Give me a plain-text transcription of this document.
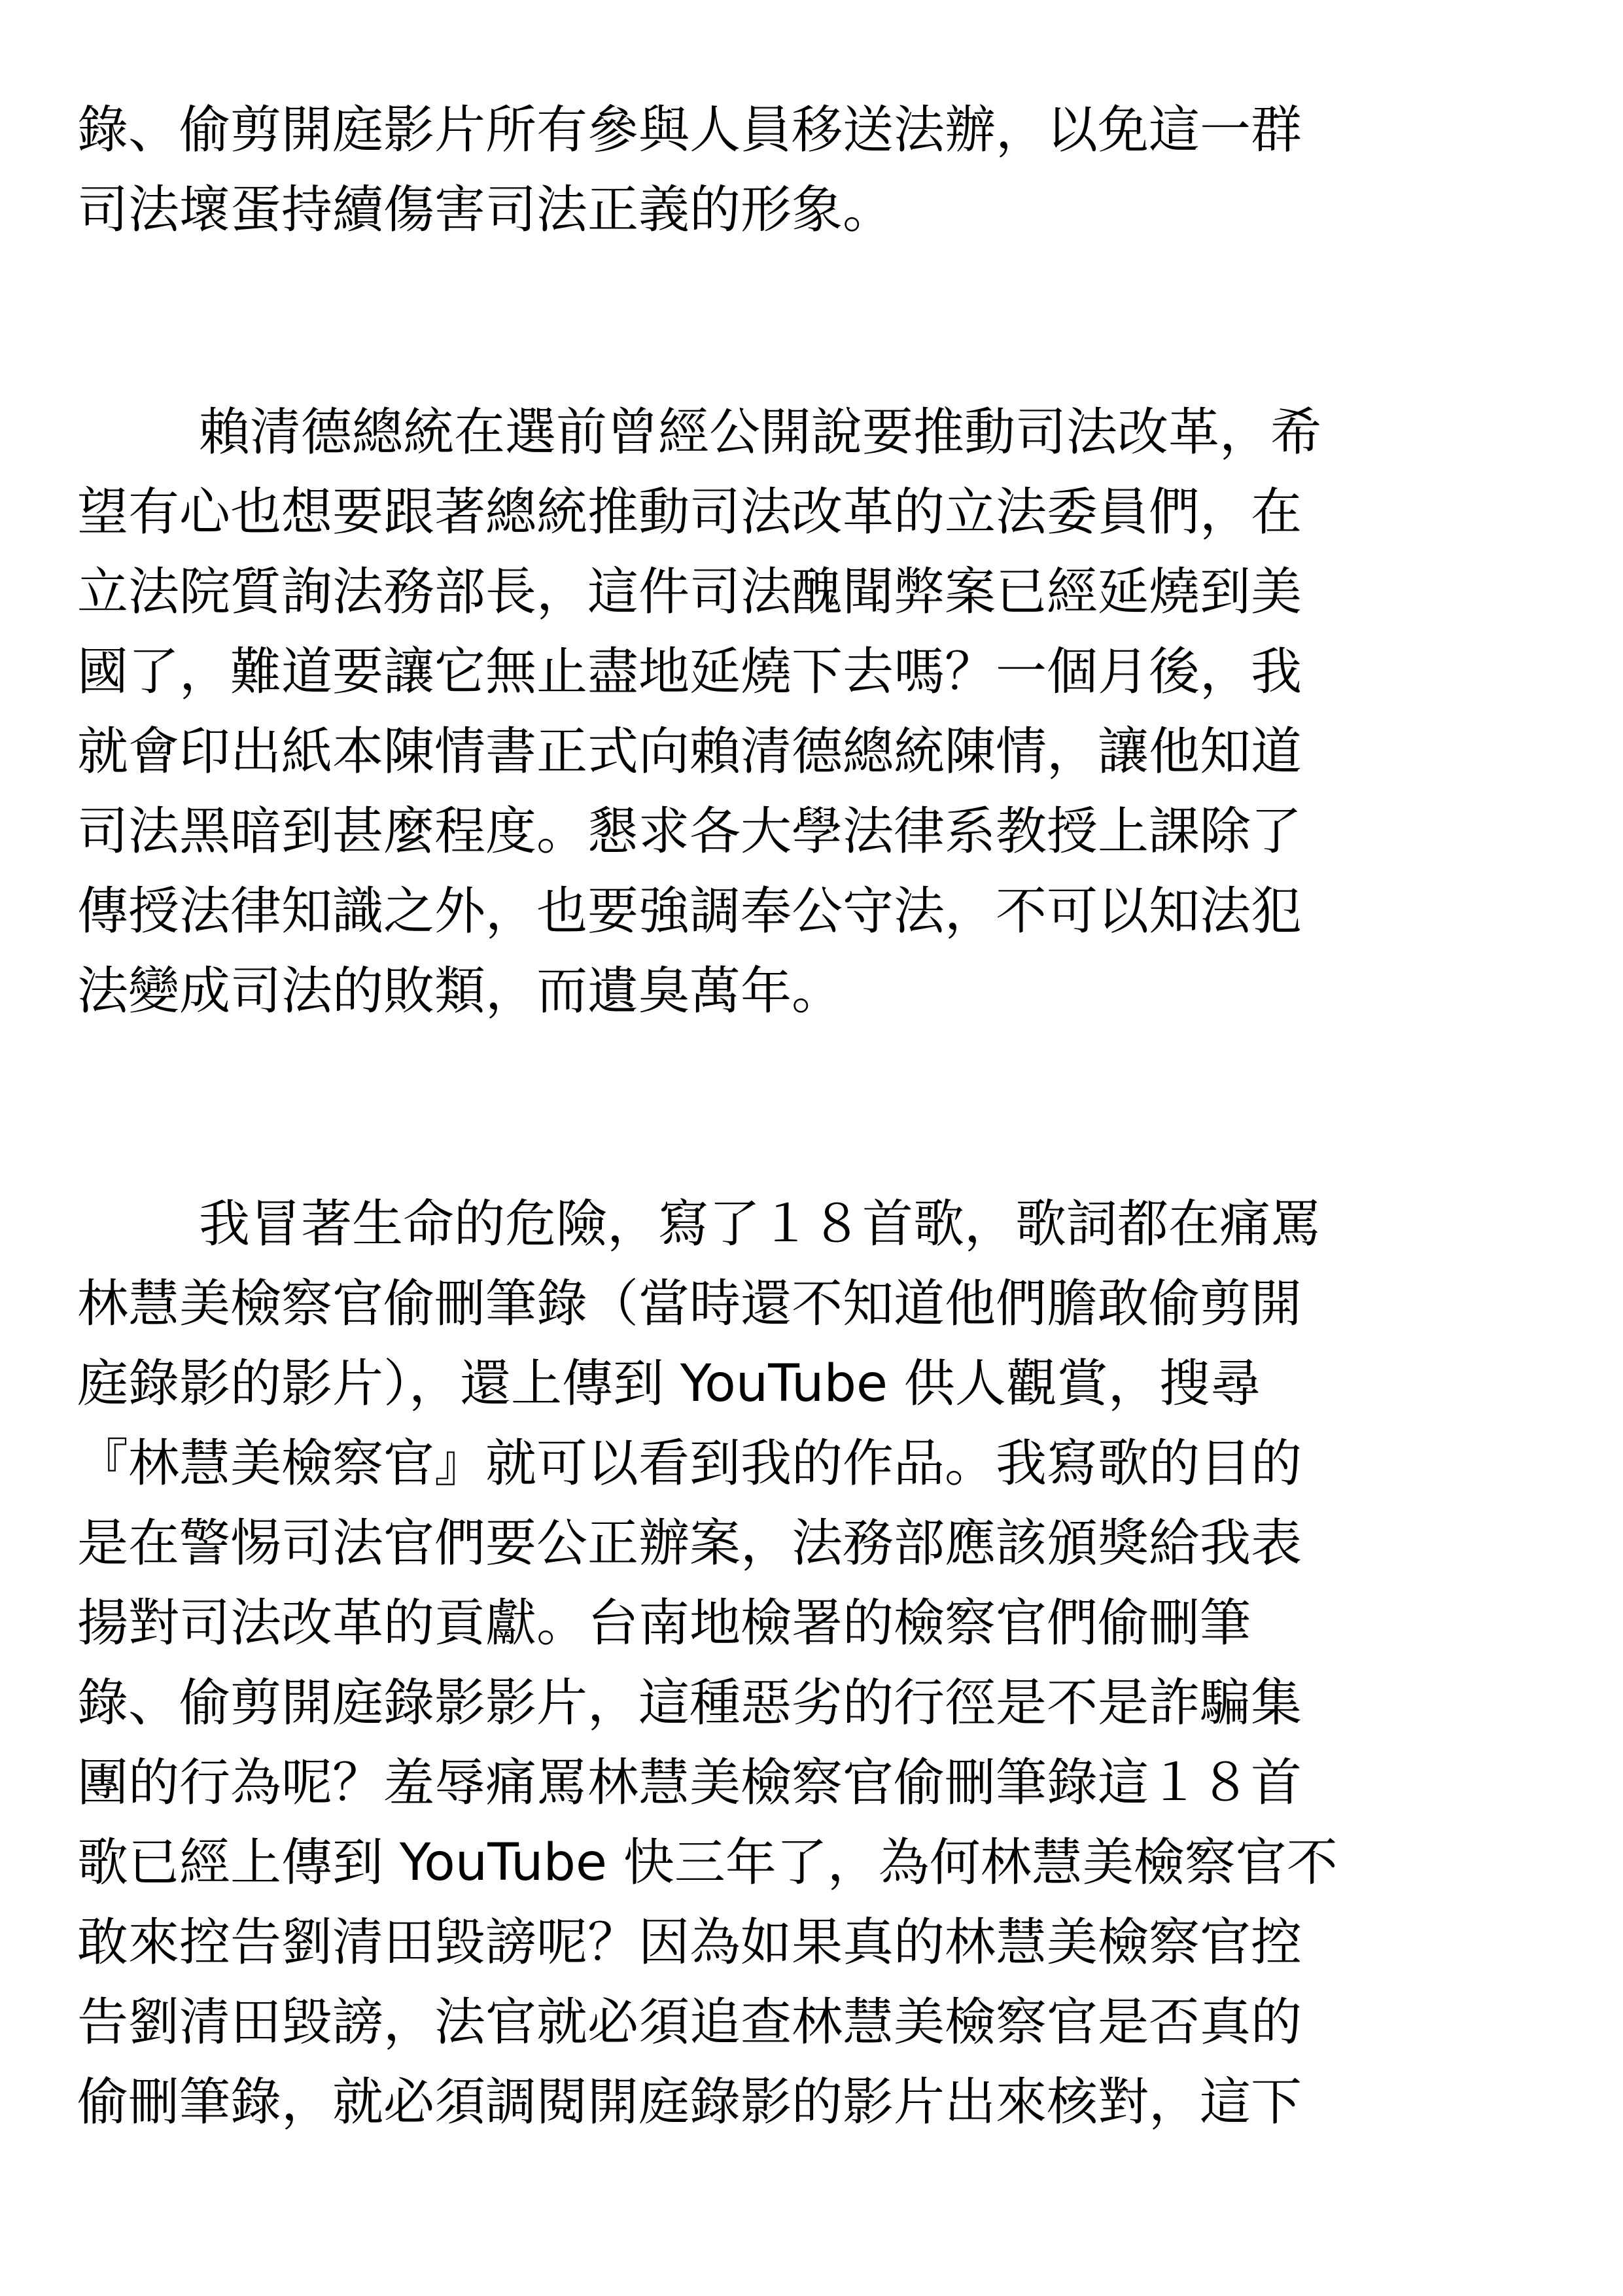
錄、偷剪開庭影片所有參與人員移送法辦，以免這一群
司法壞蛋持續傷害司法正義的形象。
賴清德總統在選前曾經公開說要推動司法改革，希
望有心也想要跟著總統推動司法改革的立法委員們，在
立法院質詢法務部長，這件司法醜聞弊案已經延燒到美
國了，難道要讓它無止盡地延燒下去嗎？一個月後，我
就會印出紙本陳情書正式向賴清德總統陳情，讓他知道
司法黑暗到甚麼程度。懇求各大學法律系教授上課除了
傳授法律知識之外，也要強調奉公守法，不可以知法犯
法變成司法的敗類，而遺臭萬年。
我冒著生命的危險，寫了１８首歌，歌詞都在痛罵
林慧美檢察官偷刪筆錄（當時還不知道他們膽敢偷剪開
庭錄影的影片），還上傳到 YouTube 供人觀賞，搜尋
『林慧美檢察官』就可以看到我的作品。我寫歌的目的
是在警惕司法官們要公正辦案，法務部應該頒獎給我表
揚對司法改革的貢獻。台南地檢署的檢察官們偷刪筆
錄、偷剪開庭錄影影片，這種惡劣的行徑是不是詐騙集
團的行為呢？羞辱痛罵林慧美檢察官偷刪筆錄這１８首
歌已經上傳到 YouTube 快三年了，為何林慧美檢察官不
敢來控告劉清田毀謗呢？因為如果真的林慧美檢察官控
告劉清田毀謗，法官就必須追查林慧美檢察官是否真的
偷刪筆錄，就必須調閱開庭錄影的影片出來核對，這下
